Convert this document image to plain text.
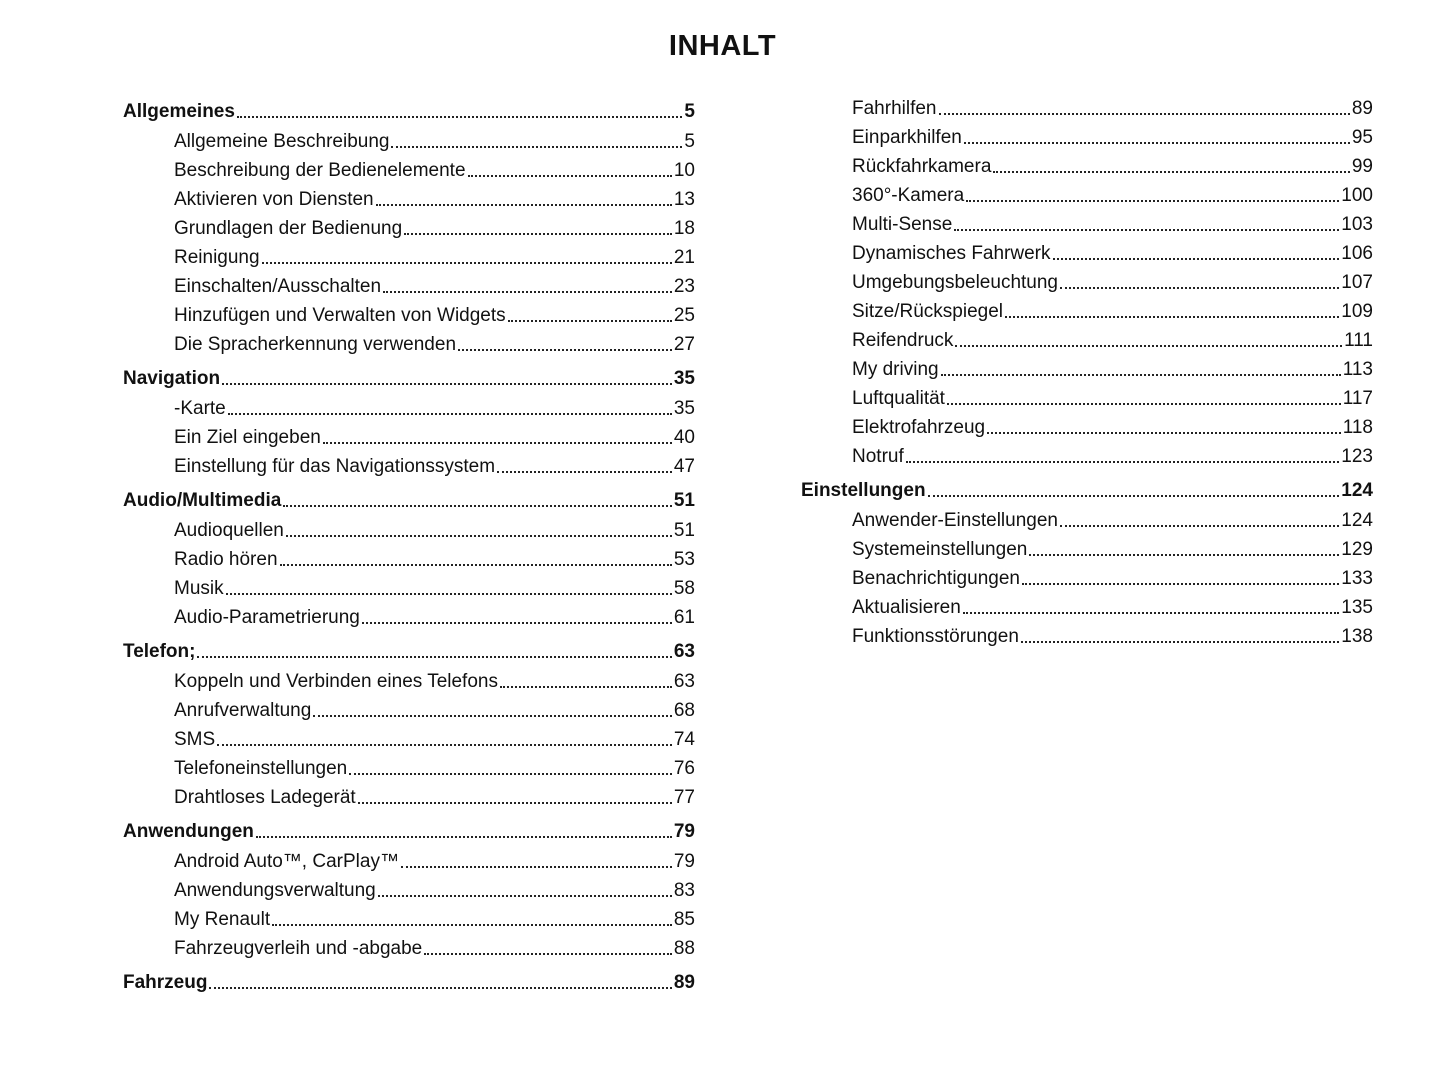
INHALT
Allgemeines	5
Allgemeine Beschreibung	5
Beschreibung der Bedienelemente	10
Aktivieren von Diensten	13
Grundlagen der Bedienung	18
Reinigung	21
Einschalten/Ausschalten	23
Hinzufügen und Verwalten von Widgets	25
Die Spracherkennung verwenden	27
Navigation	35
-Karte	35
Ein Ziel eingeben	40
Einstellung für das Navigationssystem	47
Audio/Multimedia	51
Audioquellen	51
Radio hören	53
Musik	58
Audio-Parametrierung	61
Telefon;	63
Koppeln und Verbinden eines Telefons	63
Anrufverwaltung	68
SMS	74
Telefoneinstellungen	76
Drahtloses Ladegerät	77
Anwendungen	79
Android Auto™, CarPlay™	79
Anwendungsverwaltung	83
My Renault	85
Fahrzeugverleih und -abgabe	88
Fahrzeug	89
Fahrhilfen	89
Einparkhilfen	95
Rückfahrkamera	99
360°-Kamera	100
Multi-Sense	103
Dynamisches Fahrwerk	106
Umgebungsbeleuchtung	107
Sitze/Rückspiegel	109
Reifendruck	111
My driving	113
Luftqualität	117
Elektrofahrzeug	118
Notruf	123
Einstellungen	124
Anwender-Einstellungen	124
Systemeinstellungen	129
Benachrichtigungen	133
Aktualisieren	135
Funktionsstörungen	138
